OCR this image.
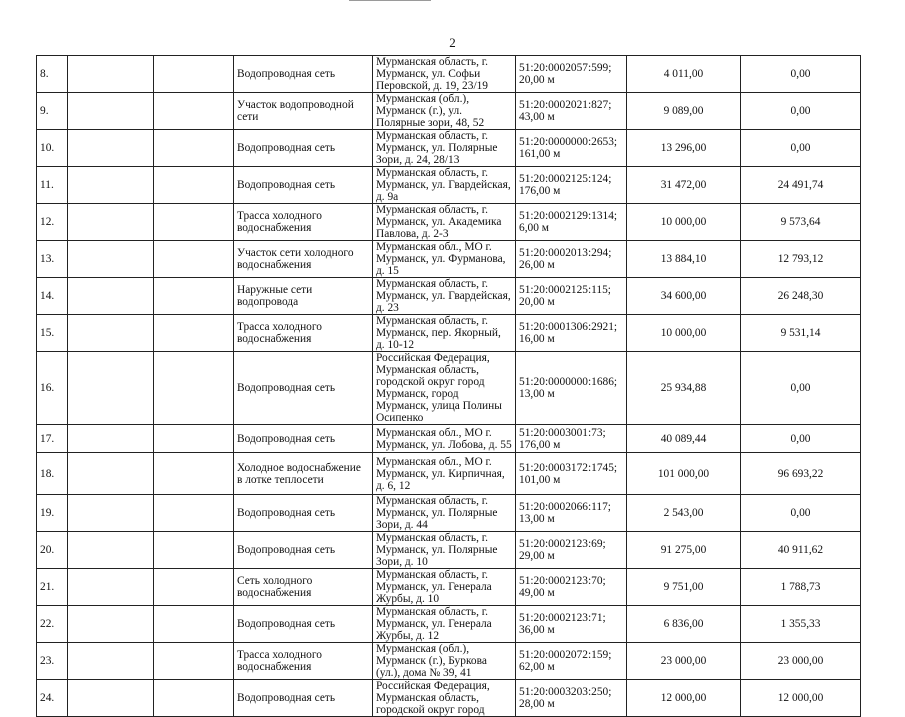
2
8.			Водопроводная сеть	Мурманская область, г. Мурманск, ул. Софьи Перовской, д. 19, 23/19	51:20:0002057:599; 20,00 м	4 011,00	0,00
9.			Участок водопроводной сети	Мурманская (обл.), Мурманск (г.), ул. Полярные зори, 48, 52	51:20:0002021:827; 43,00 м	9 089,00	0,00
10.			Водопроводная сеть	Мурманская область, г. Мурманск, ул. Полярные Зори, д. 24, 28/13	51:20:0000000:2653; 161,00 м	13 296,00	0,00
11.			Водопроводная сеть	Мурманская область, г. Мурманск, ул. Гвардейская, д. 9а	51:20:0002125:124; 176,00 м	31 472,00	24 491,74
12.			Трасса холодного водоснабжения	Мурманская область, г. Мурманск, ул. Академика Павлова, д. 2-3	51:20:0002129:1314; 6,00 м	10 000,00	9 573,64
13.			Участок сети холодного водоснабжения	Мурманская обл., МО г. Мурманск, ул. Фурманова, д. 15	51:20:0002013:294; 26,00 м	13 884,10	12 793,12
14.			Наружные сети водопровода	Мурманская область, г. Мурманск, ул. Гвардейская, д. 23	51:20:0002125:115; 20,00 м	34 600,00	26 248,30
15.			Трасса холодного водоснабжения	Мурманская область, г. Мурманск, пер. Якорный, д. 10-12	51:20:0001306:2921; 16,00 м	10 000,00	9 531,14
16.			Водопроводная сеть	Российская Федерация, Мурманская область, городской округ город Мурманск, город Мурманск, улица Полины Осипенко	51:20:0000000:1686; 13,00 м	25 934,88	0,00
17.			Водопроводная сеть	Мурманская обл., МО г. Мурманск, ул. Лобова, д. 55	51:20:0003001:73; 176,00 м	40 089,44	0,00
18.			Холодное водоснабжение в лотке теплосети	Мурманская обл., МО г. Мурманск, ул. Кирпичная, д. 6, 12	51:20:0003172:1745; 101,00 м	101 000,00	96 693,22
19.			Водопроводная сеть	Мурманская область, г. Мурманск, ул. Полярные Зори, д. 44	51:20:0002066:117; 13,00 м	2 543,00	0,00
20.			Водопроводная сеть	Мурманская область, г. Мурманск, ул. Полярные Зори, д. 10	51:20:0002123:69; 29,00 м	91 275,00	40 911,62
21.			Сеть холодного водоснабжения	Мурманская область, г. Мурманск, ул. Генерала Журбы, д. 10	51:20:0002123:70; 49,00 м	9 751,00	1 788,73
22.			Водопроводная сеть	Мурманская область, г. Мурманск, ул. Генерала Журбы, д. 12	51:20:0002123:71; 36,00 м	6 836,00	1 355,33
23.			Трасса холодного водоснабжения	Мурманская (обл.), Мурманск (г.), Буркова (ул.), дома № 39, 41	51:20:0002072:159; 62,00 м	23 000,00	23 000,00
24.			Водопроводная сеть	Российская Федерация, Мурманская область, городской округ город	51:20:0003203:250; 28,00 м	12 000,00	12 000,00
